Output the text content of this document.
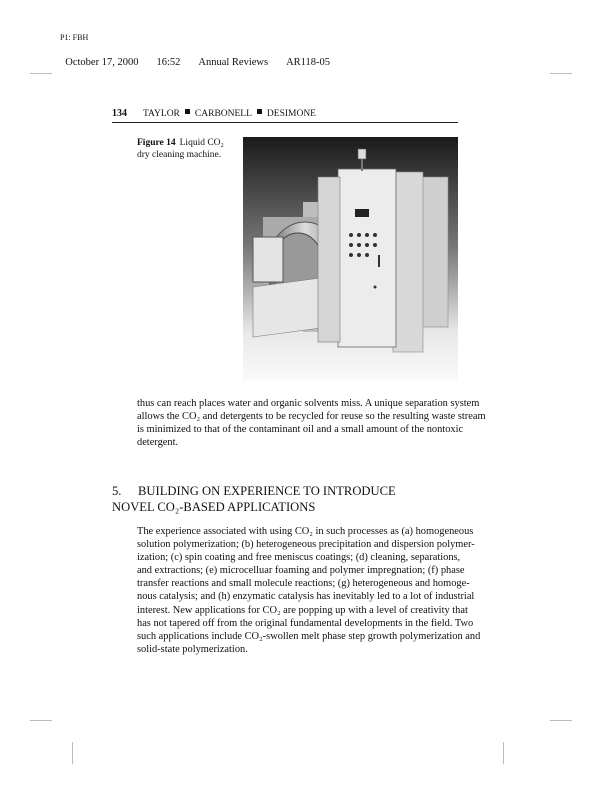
P1: FBH

October 17, 2000 16:52 Annual Reviews AR118-05

134 TAYLOR CARBONELL DESIMONE
Figure 14 Liquid CO₂
dry cleaning machine.
thus can reach places water and organic solvents miss. A unique separation system
allows the CO₂ and detergents to be recycled for reuse so the resulting waste stream
is minimized to that of the contaminant oil and a small amount of the nontoxic
detergent.
5. BUILDING ON EXPERIENCE TO INTRODUCE
NOVEL CO₂-BASED APPLICATIONS
The experience associated with using CO₂ in such processes as (a) homogeneous
solution polymerization; (b) heterogeneous precipitation and dispersion polymer-
ization; (c) spin coating and free meniscus coatings; (d) cleaning, separations,
and extractions; (e) microcelluar foaming and polymer impregnation; (f) phase
transfer reactions and small molecule reactions; (g) heterogeneous and homoge-
nous catalysis; and (h) enzymatic catalysis has inevitably led to a lot of industrial
interest. New applications for CO₂ are popping up with a level of creativity that
has not tapered off from the original fundamental developments in the field. Two
such applications include CO₂-swollen melt phase step growth polymerization and
solid-state polymerization.
